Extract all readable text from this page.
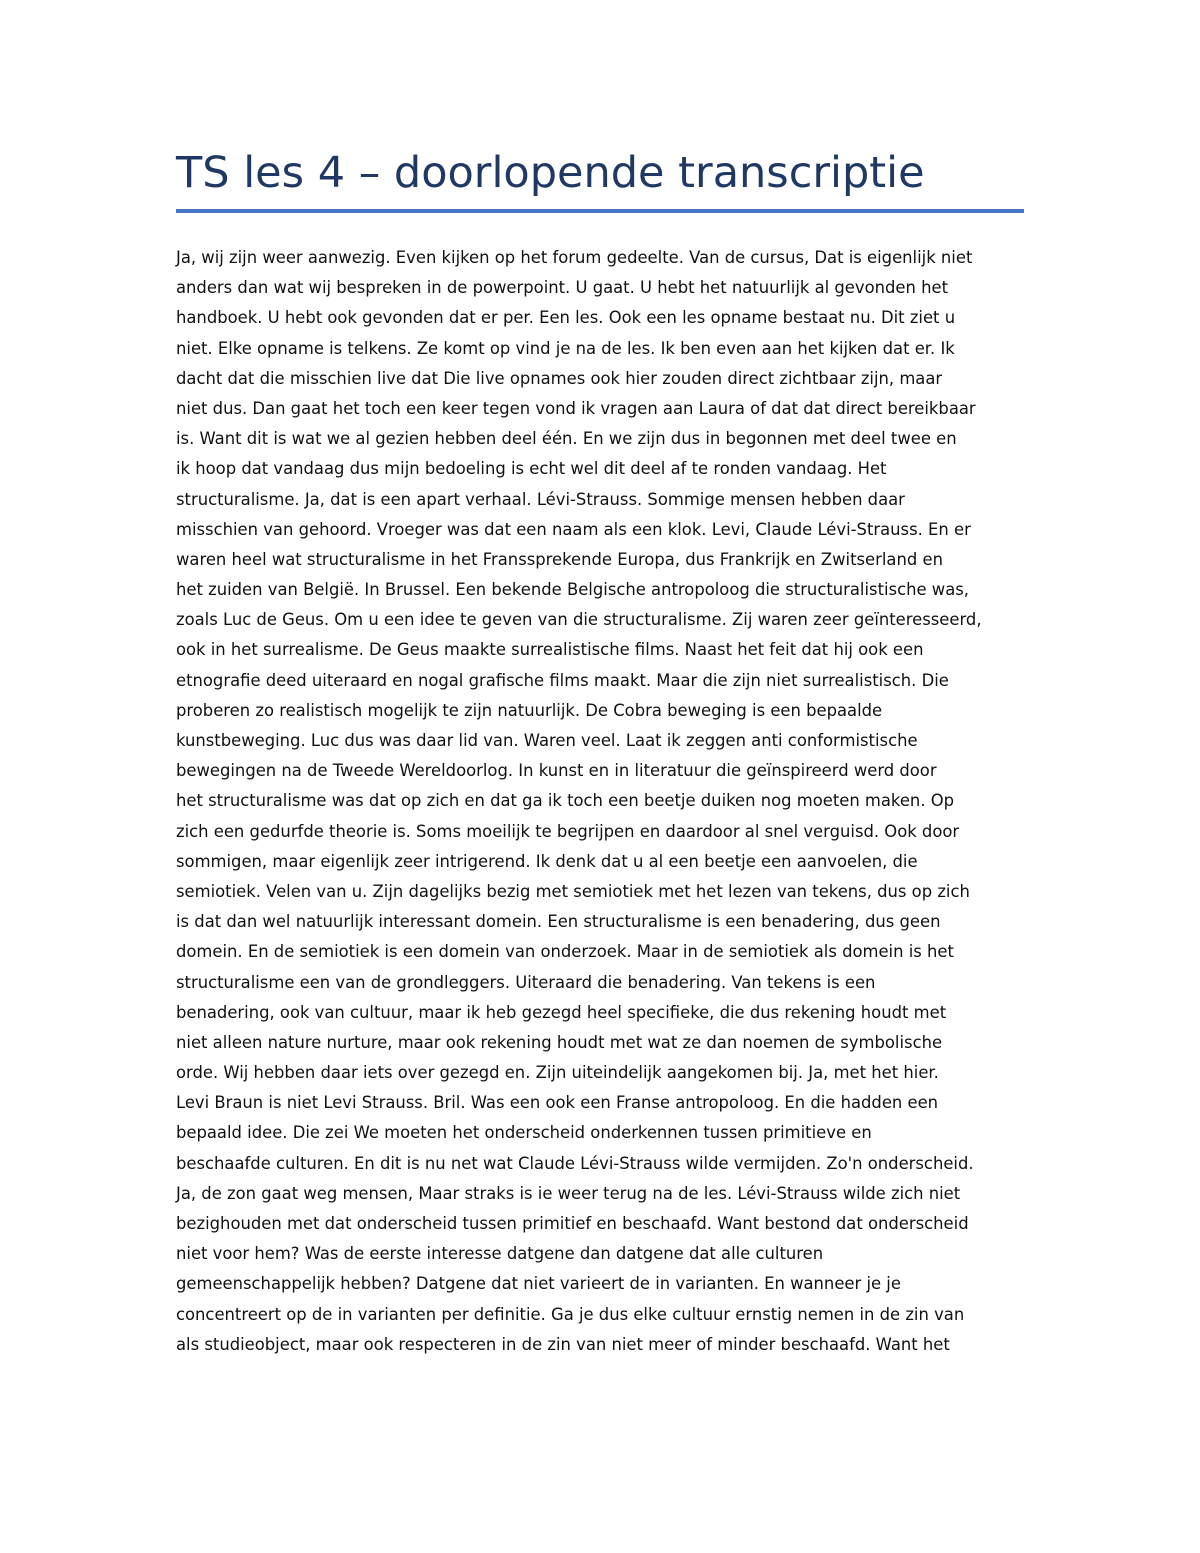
TS les 4 – doorlopende transcriptie
Ja, wij zijn weer aanwezig. Even kijken op het forum gedeelte. Van de cursus, Dat is eigenlijk niet
anders dan wat wij bespreken in de powerpoint. U gaat. U hebt het natuurlijk al gevonden het
handboek. U hebt ook gevonden dat er per. Een les. Ook een les opname bestaat nu. Dit ziet u
niet. Elke opname is telkens. Ze komt op vind je na de les. Ik ben even aan het kijken dat er. Ik
dacht dat die misschien live dat Die live opnames ook hier zouden direct zichtbaar zijn, maar
niet dus. Dan gaat het toch een keer tegen vond ik vragen aan Laura of dat dat direct bereikbaar
is. Want dit is wat we al gezien hebben deel één. En we zijn dus in begonnen met deel twee en
ik hoop dat vandaag dus mijn bedoeling is echt wel dit deel af te ronden vandaag. Het
structuralisme. Ja, dat is een apart verhaal. Lévi-Strauss. Sommige mensen hebben daar
misschien van gehoord. Vroeger was dat een naam als een klok. Levi, Claude Lévi-Strauss. En er
waren heel wat structuralisme in het Franssprekende Europa, dus Frankrijk en Zwitserland en
het zuiden van België. In Brussel. Een bekende Belgische antropoloog die structuralistische was,
zoals Luc de Geus. Om u een idee te geven van die structuralisme. Zij waren zeer geïnteresseerd,
ook in het surrealisme. De Geus maakte surrealistische films. Naast het feit dat hij ook een
etnografie deed uiteraard en nogal grafische films maakt. Maar die zijn niet surrealistisch. Die
proberen zo realistisch mogelijk te zijn natuurlijk. De Cobra beweging is een bepaalde
kunstbeweging. Luc dus was daar lid van. Waren veel. Laat ik zeggen anti conformistische
bewegingen na de Tweede Wereldoorlog. In kunst en in literatuur die geïnspireerd werd door
het structuralisme was dat op zich en dat ga ik toch een beetje duiken nog moeten maken. Op
zich een gedurfde theorie is. Soms moeilijk te begrijpen en daardoor al snel verguisd. Ook door
sommigen, maar eigenlijk zeer intrigerend. Ik denk dat u al een beetje een aanvoelen, die
semiotiek. Velen van u. Zijn dagelijks bezig met semiotiek met het lezen van tekens, dus op zich
is dat dan wel natuurlijk interessant domein. Een structuralisme is een benadering, dus geen
domein. En de semiotiek is een domein van onderzoek. Maar in de semiotiek als domein is het
structuralisme een van de grondleggers. Uiteraard die benadering. Van tekens is een
benadering, ook van cultuur, maar ik heb gezegd heel specifieke, die dus rekening houdt met
niet alleen nature nurture, maar ook rekening houdt met wat ze dan noemen de symbolische
orde. Wij hebben daar iets over gezegd en. Zijn uiteindelijk aangekomen bij. Ja, met het hier.
Levi Braun is niet Levi Strauss. Bril. Was een ook een Franse antropoloog. En die hadden een
bepaald idee. Die zei We moeten het onderscheid onderkennen tussen primitieve en
beschaafde culturen. En dit is nu net wat Claude Lévi-Strauss wilde vermijden. Zo'n onderscheid.
Ja, de zon gaat weg mensen, Maar straks is ie weer terug na de les. Lévi-Strauss wilde zich niet
bezighouden met dat onderscheid tussen primitief en beschaafd. Want bestond dat onderscheid
niet voor hem? Was de eerste interesse datgene dan datgene dat alle culturen
gemeenschappelijk hebben? Datgene dat niet varieert de in varianten. En wanneer je je
concentreert op de in varianten per definitie. Ga je dus elke cultuur ernstig nemen in de zin van
als studieobject, maar ook respecteren in de zin van niet meer of minder beschaafd. Want het
